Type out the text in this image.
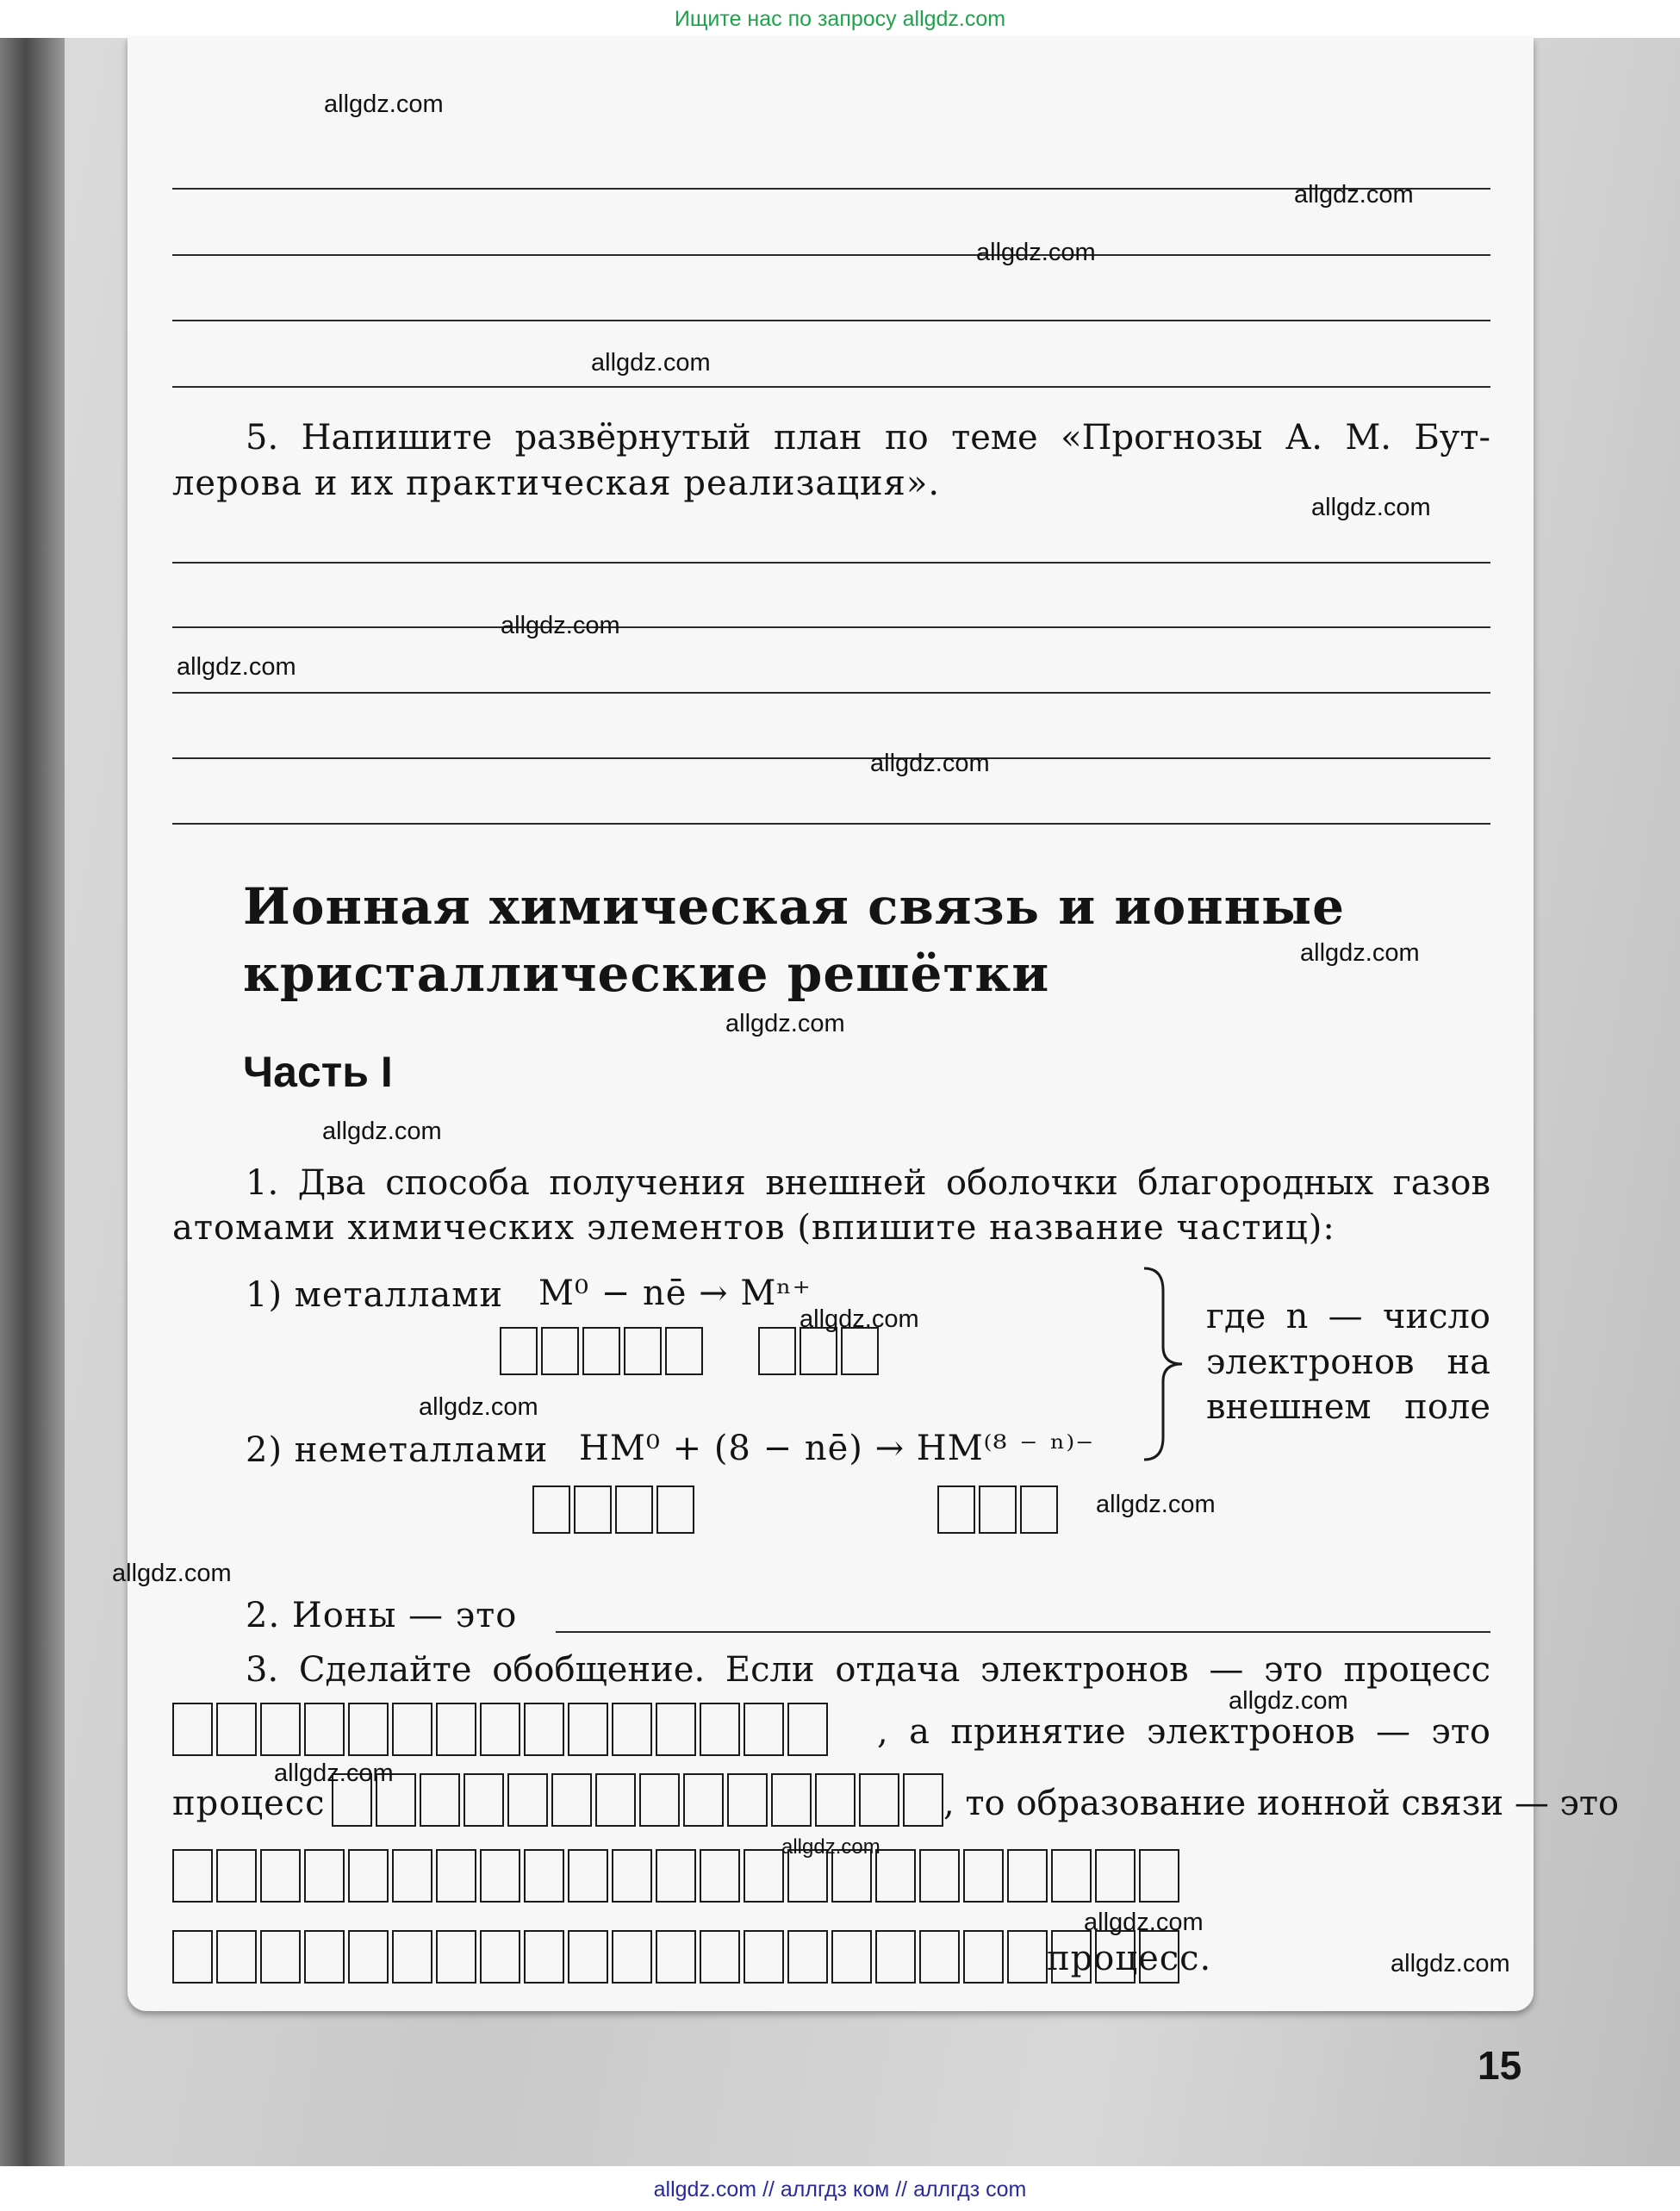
Ищите нас по запросу allgdz.com
5. Напишите развёрнутый план по теме «Прогнозы А. М. Бут-
лерова и их практическая реализация».
Ионная химическая связь и ионные
кристаллические решётки
Часть I
1. Два способа получения внешней оболочки благородных газов
атомами химических элементов (впишите название частиц):
1) металлами M⁰ − nē → Mⁿ⁺
где n — число
электронов на
внешнем поле
2) неметаллами НМ⁰ + (8 − nē) → НМ⁽⁸ ⁻ ⁿ⁾⁻
2. Ионы — это
3. Сделайте обобщение. Если отдача электронов — это процесс
, а принятие электронов — это
процесс	, то образование ионной связи — это
процесс.
15
allgdz.com
allgdz.com
allgdz.com
allgdz.com
allgdz.com
allgdz.com
allgdz.com
allgdz.com
allgdz.com
allgdz.com
allgdz.com
allgdz.com
allgdz.com
allgdz.com
allgdz.com
allgdz.com
allgdz.com
allgdz.com
allgdz.com
allgdz.com
allgdz.com // аллгдз ком // аллгдз com
